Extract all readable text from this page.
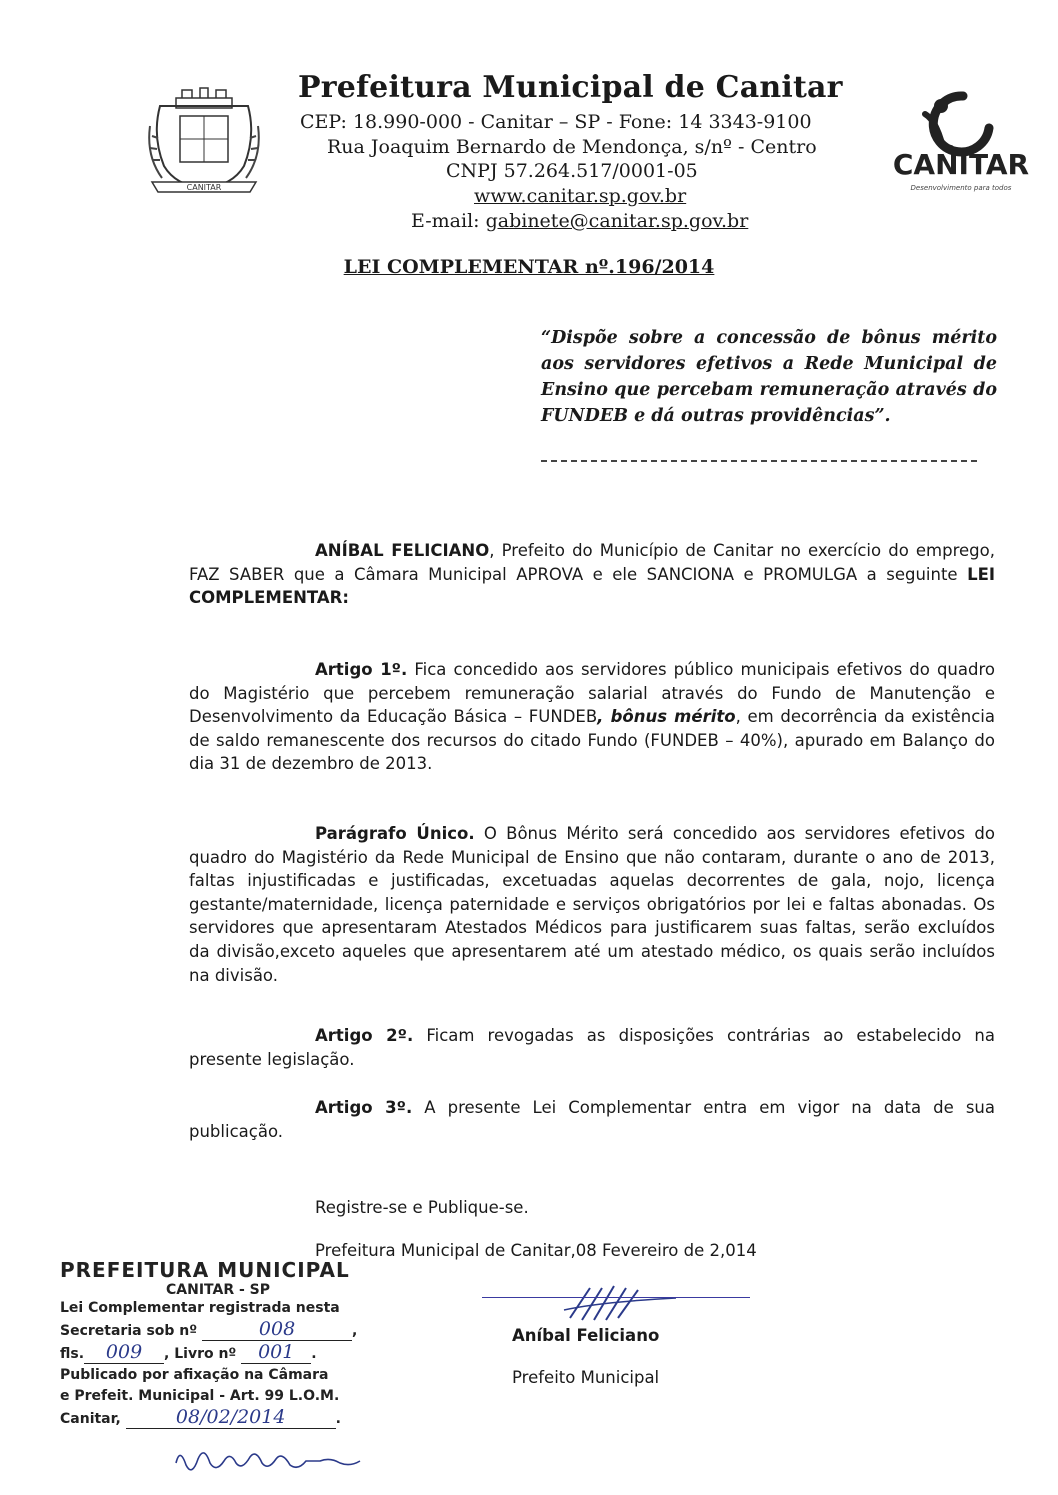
CANITAR
Prefeitura Municipal de Canitar
CEP: 18.990-000 - Canitar – SP - Fone: 14 3343-9100
Rua Joaquim Bernardo de Mendonça, s/nº - Centro
CNPJ 57.264.517/0001-05
www.canitar.sp.gov.br
E-mail: gabinete@canitar.sp.gov.br
CANITAR
Desenvolvimento para todos
LEI COMPLEMENTAR nº.196/2014
“Dispõe sobre a concessão de bônus mérito aos servidores efetivos a Rede Municipal de Ensino que percebam remuneração através do FUNDEB e dá outras providências”.
ANÍBAL FELICIANO, Prefeito do Município de Canitar no exercício do emprego, FAZ SABER que a Câmara Municipal APROVA e ele SANCIONA e PROMULGA a seguinte LEI COMPLEMENTAR:
Artigo 1º. Fica concedido aos servidores público municipais efetivos do quadro do Magistério que percebem remuneração salarial através do Fundo de Manutenção e Desenvolvimento da Educação Básica – FUNDEB, bônus mérito, em decorrência da existência de saldo remanescente dos recursos do citado Fundo (FUNDEB – 40%), apurado em Balanço do dia 31 de dezembro de 2013.
Parágrafo Único. O Bônus Mérito será concedido aos servidores efetivos do quadro do Magistério da Rede Municipal de Ensino que não contaram, durante o ano de 2013, faltas injustificadas e justificadas, excetuadas aquelas decorrentes de gala, nojo, licença gestante/maternidade, licença paternidade e serviços obrigatórios por lei e faltas abonadas. Os servidores que apresentaram Atestados Médicos para justificarem suas faltas, serão excluídos da divisão,exceto aqueles que apresentarem até um atestado médico, os quais serão incluídos na divisão.
Artigo 2º. Ficam revogadas as disposições contrárias ao estabelecido na presente legislação.
Artigo 3º. A presente Lei Complementar entra em vigor na data de sua publicação.
Registre-se e Publique-se.
Prefeitura Municipal de Canitar,08 Fevereiro de 2,014
Aníbal Feliciano
Prefeito Municipal
PREFEITURA MUNICIPAL
CANITAR - SP
Lei Complementar registrada nesta
Secretaria sob nº	008	,
fls. 009 , Livro nº 001 .
Publicado por afixação na Câmara
e Prefeit. Municipal - Art. 99 L.O.M.
Canitar,	08/02/2014	.
